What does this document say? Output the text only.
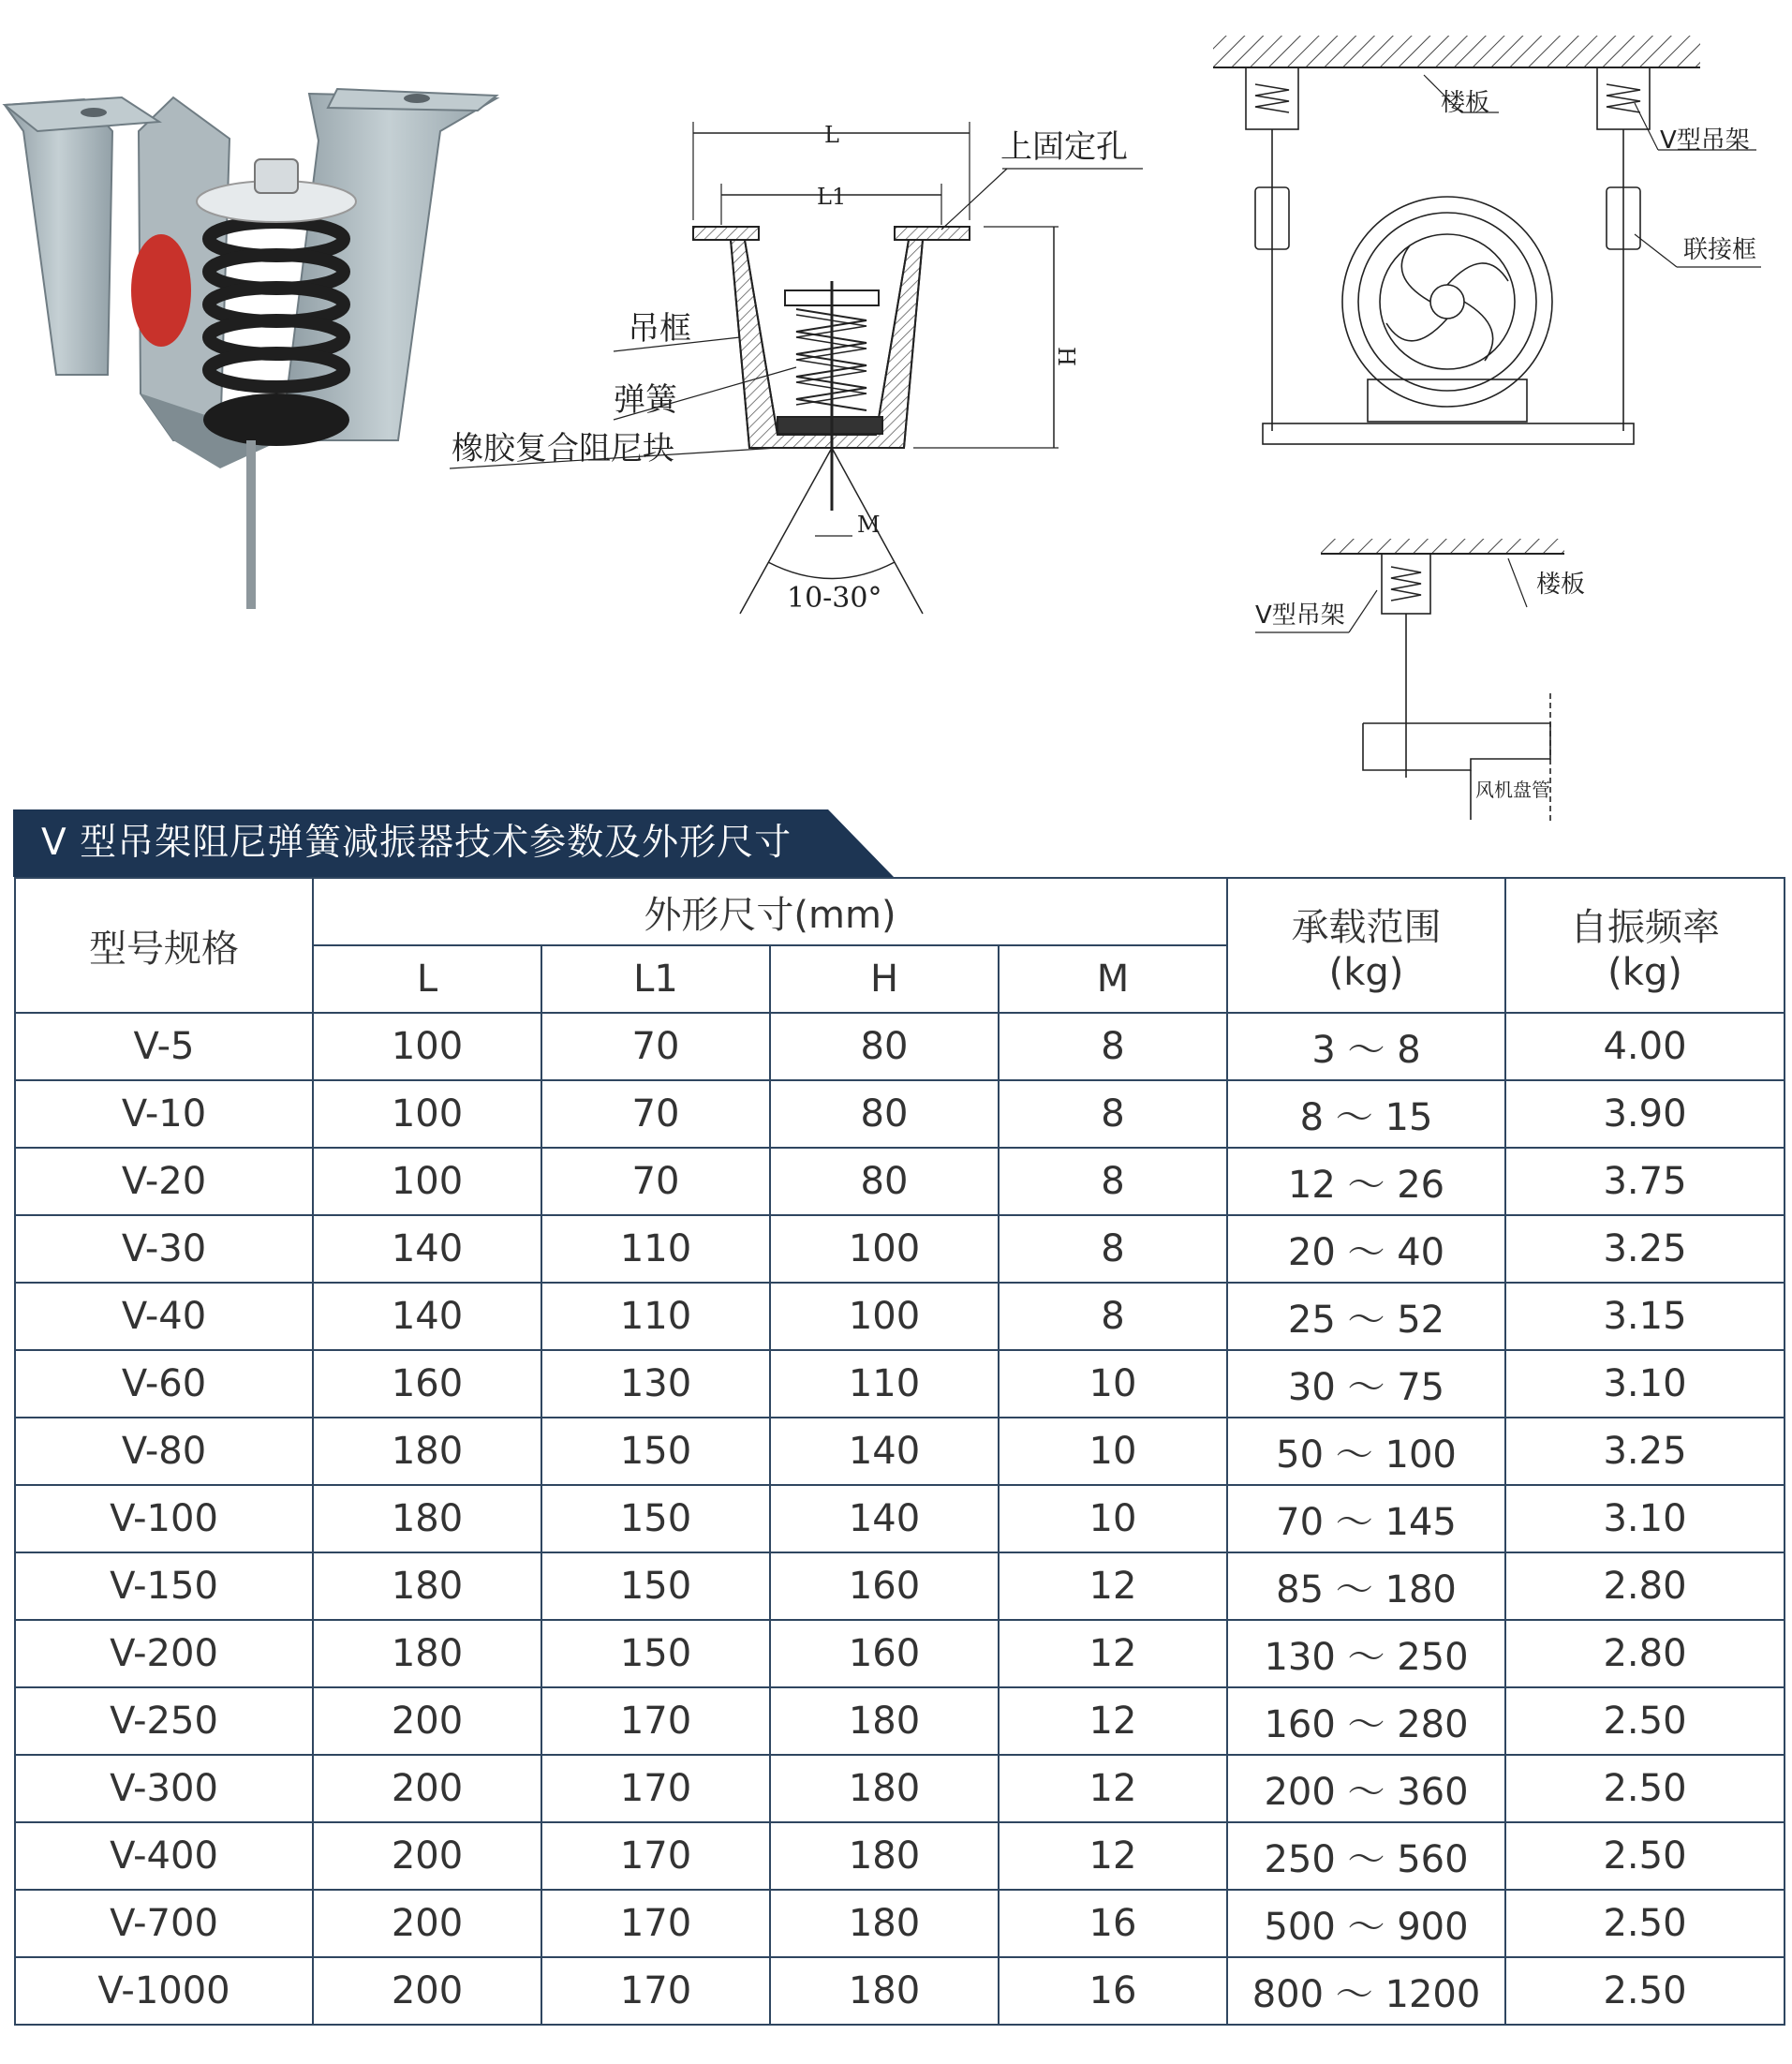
L
L1
H
M
10-30°
上固定孔
吊框
弹簧
橡胶复合阻尼块
楼板
V型吊架
联接框
楼板
V型吊架
风机盘管
V 型吊架阻尼弹簧减振器技术参数及外形尺寸
型号规格	外形尺寸(mm)				承载范围
(kg)	自振频率
(kg)

	L	L1	H	M		
V-5	100	70	80	8	3 ～ 8	4.00
V-10	100	70	80	8	8 ～ 15	3.90
V-20	100	70	80	8	12 ～ 26	3.75
V-30	140	110	100	8	20 ～ 40	3.25
V-40	140	110	100	8	25 ～ 52	3.15
V-60	160	130	110	10	30 ～ 75	3.10
V-80	180	150	140	10	50 ～ 100	3.25
V-100	180	150	140	10	70 ～ 145	3.10
V-150	180	150	160	12	85 ～ 180	2.80
V-200	180	150	160	12	130 ～ 250	2.80
V-250	200	170	180	12	160 ～ 280	2.50
V-300	200	170	180	12	200 ～ 360	2.50
V-400	200	170	180	12	250 ～ 560	2.50
V-700	200	170	180	16	500 ～ 900	2.50
V-1000	200	170	180	16	800 ～ 1200	2.50
